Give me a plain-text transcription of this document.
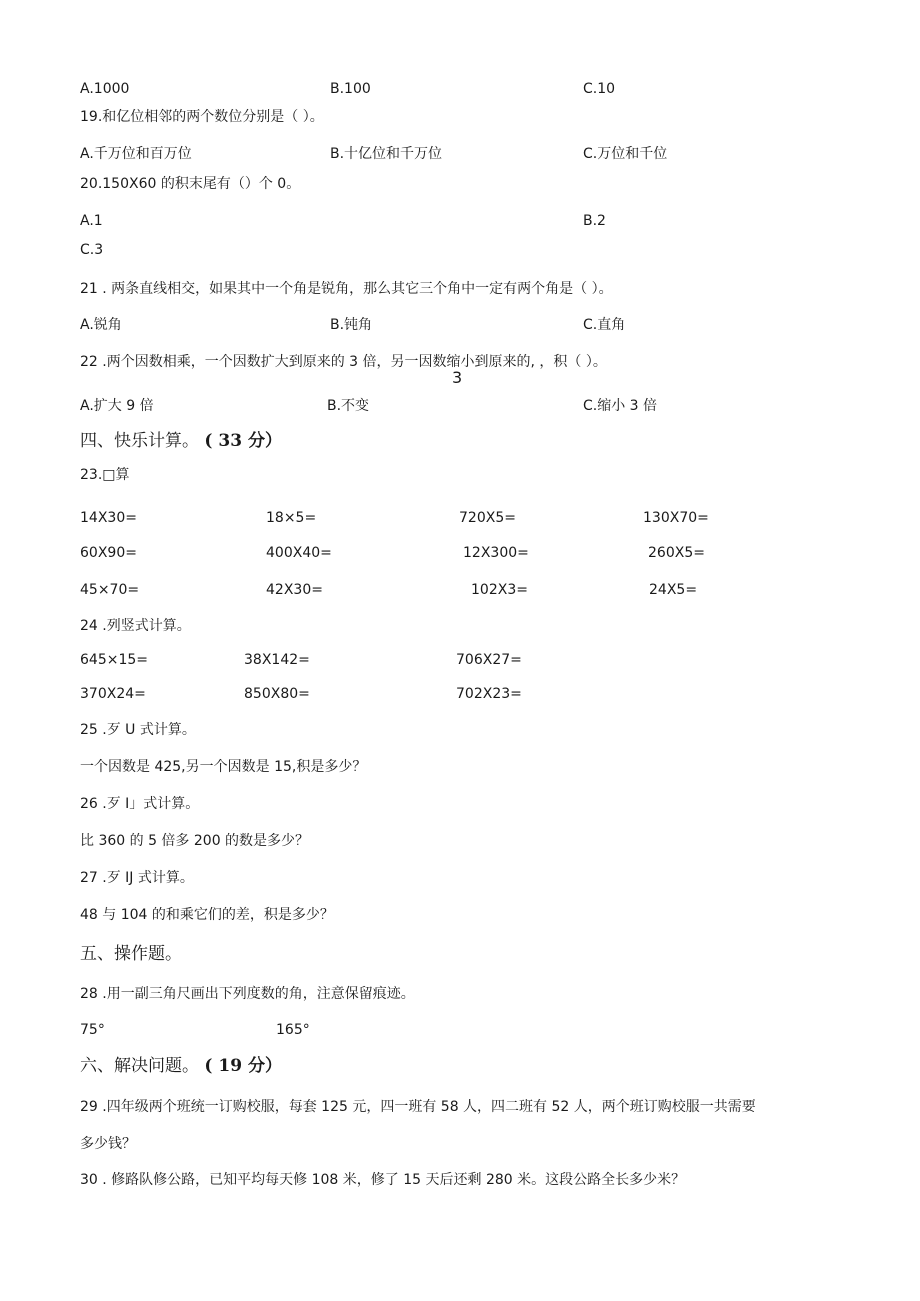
A.1000	B.100	C.10
19.和亿位相邻的两个数位分别是（ ）。
A.千万位和百万位	B.十亿位和千万位	C.万位和千位
20.150X60 的积末尾有（）个 0。
A.1	B.2
C.3
21 . 两条直线相交，如果其中一个角是锐角，那么其它三个角中一定有两个角是（ ）。
A.锐角	B.钝角	C.直角
22 .两个因数相乘，一个因数扩大到原来的 3 倍，另一因数缩小到原来的, ，积（ ）。
3
A.扩大 9 倍	B.不变	C.缩小 3 倍
四、快乐计算。 ( 33 分）
23.□算
14X30=	18×5=	720X5=	130X70=
60X90=	400X40=	12X300=	260X5=
45×70=	42X30=	102X3=	24X5=
24 .列竖式计算。
645×15=	38X142=	706X27=
370X24=	850X80=	702X23=
25 .歹 U 式计算。
一个因数是 425,另一个因数是 15,积是多少？
26 .歹 I」式计算。
比 360 的 5 倍多 200 的数是多少？
27 .歹 IJ 式计算。
48 与 104 的和乘它们的差，积是多少？
五、操作题。
28 .用一副三角尺画出下列度数的角，注意保留痕迹。
75°	165°
六、解决问题。 ( 19 分）
29 .四年级两个班统一订购校服，每套 125 元，四一班有 58 人，四二班有 52 人，两个班订购校服一共需要
多少钱？
30 . 修路队修公路，已知平均每天修 108 米，修了 15 天后还剩 280 米。这段公路全长多少米？
